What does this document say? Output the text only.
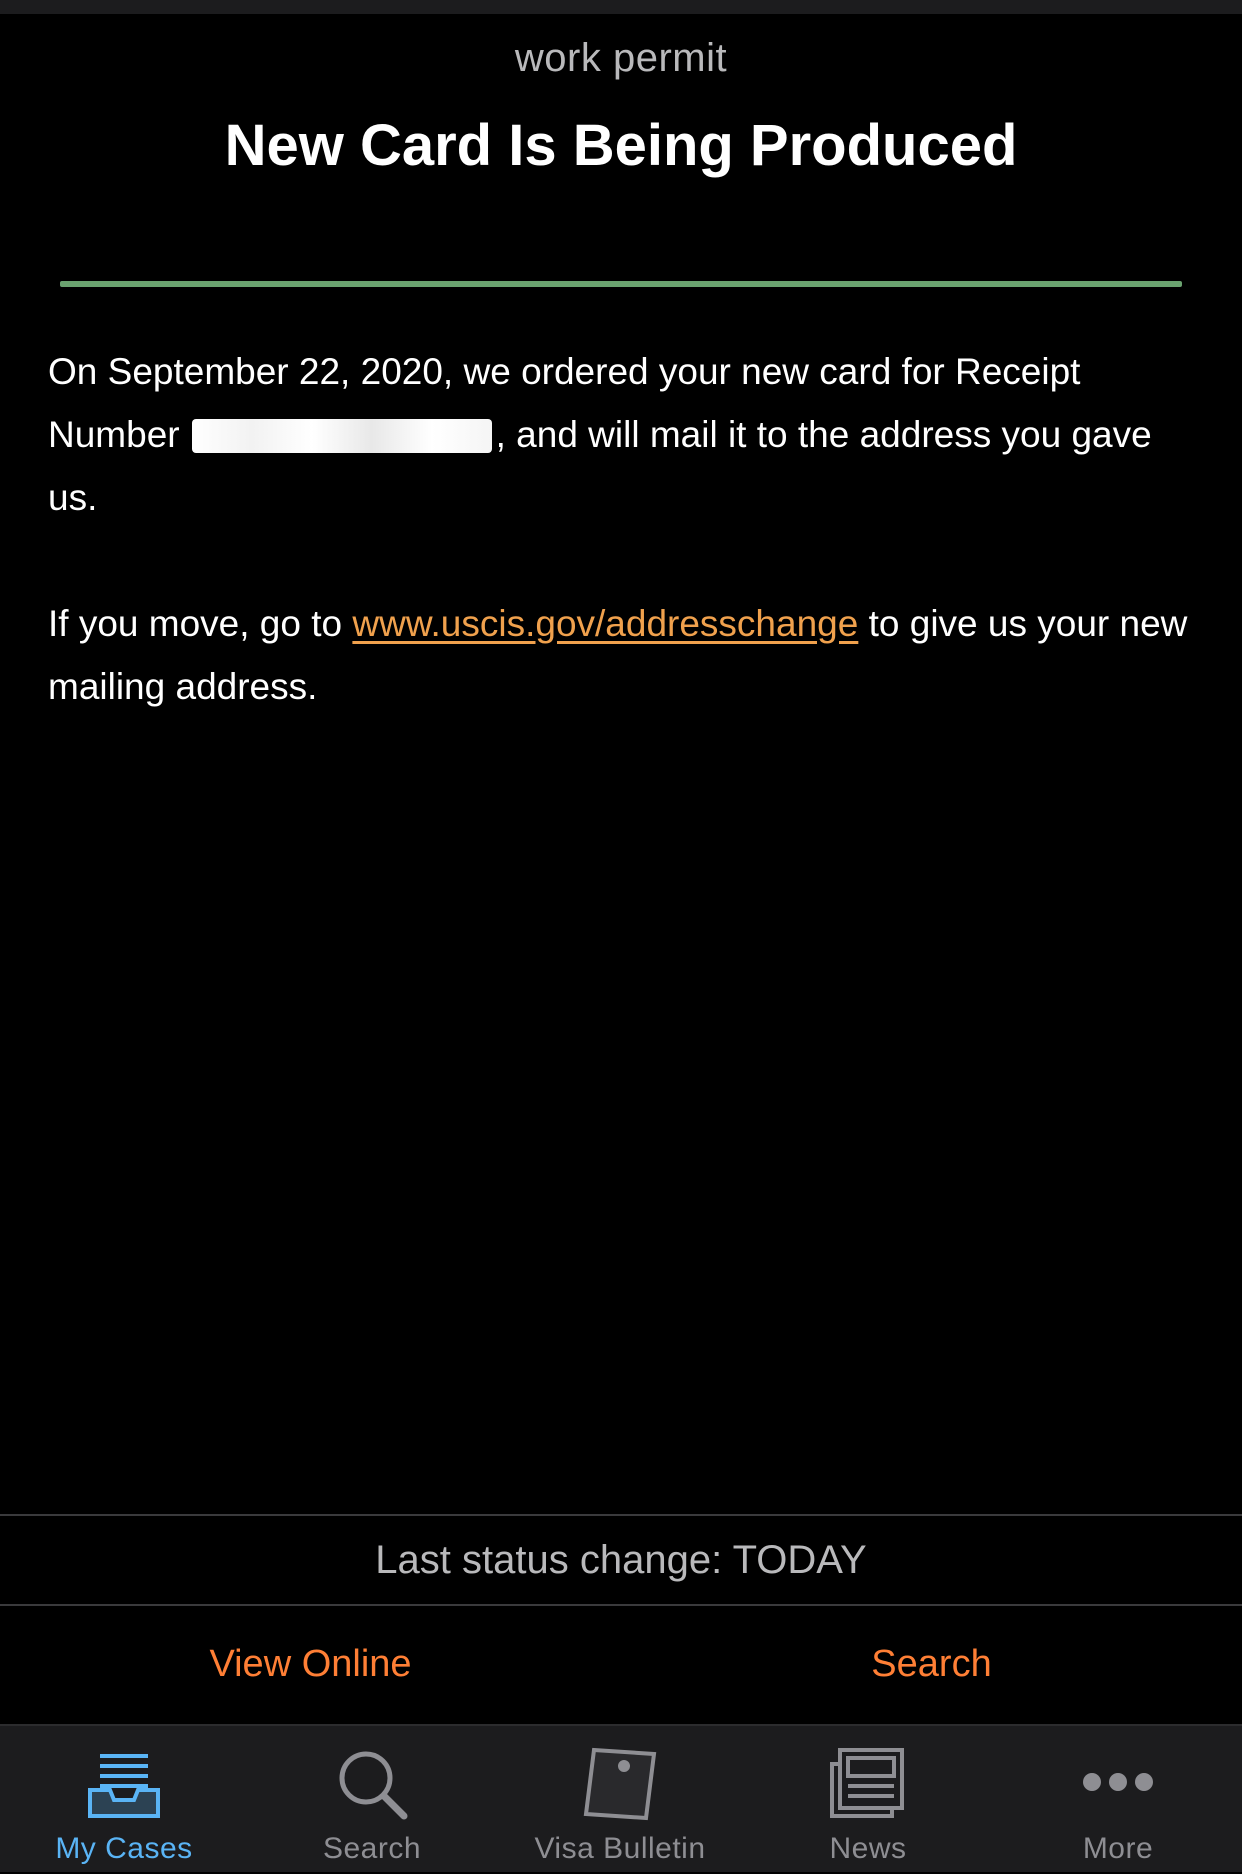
work permit
New Card Is Being Produced

On September 22, 2020, we ordered your new card for Receipt Number	, and will mail it to the address you gave us.

If you move, go to www.uscis.gov/addresschange to give us your new mailing address.

Last status change: TODAY
View Online	Search
My Cases	Search	Visa Bulletin	News	More
